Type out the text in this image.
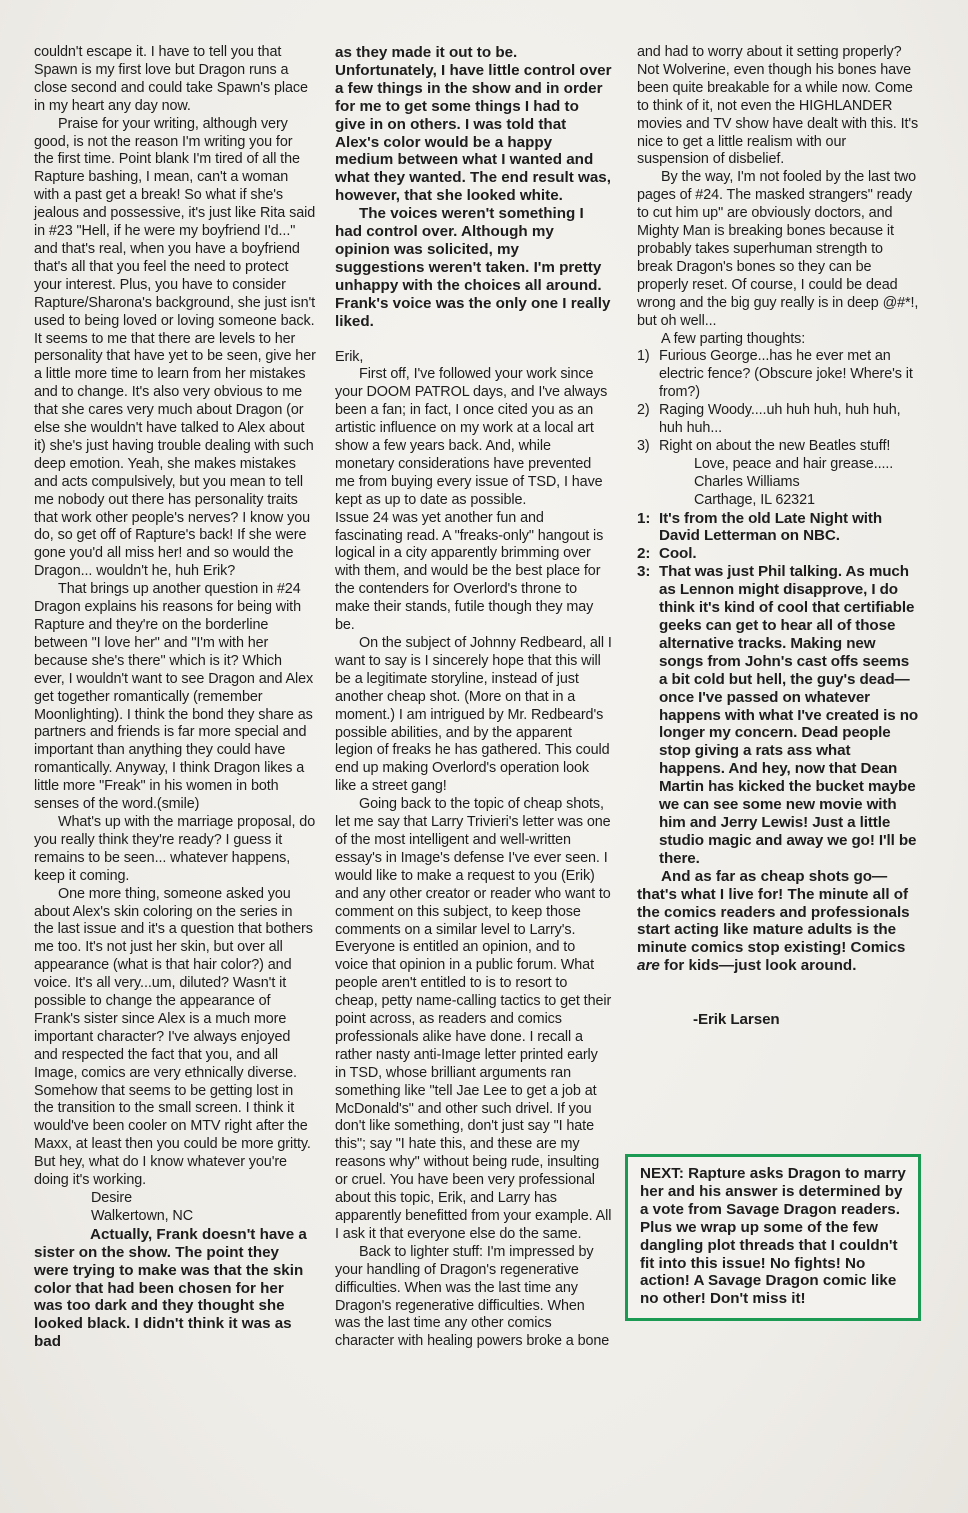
couldn't escape it. I have to tell you that Spawn is my first love but Dragon runs a close second and could take Spawn's place in my heart any day now.

Praise for your writing, although very good, is not the reason I'm writing you for the first time. Point blank I'm tired of all the Rapture bashing, I mean, can't a woman with a past get a break! So what if she's jealous and possessive, it's just like Rita said in #23 "Hell, if he were my boyfriend I'd..." and that's real, when you have a boyfriend that's all that you feel the need to protect your interest. Plus, you have to consider Rapture/Sharona's background, she just isn't used to being loved or loving someone back. It seems to me that there are levels to her personality that have yet to be seen, give her a little more time to learn from her mistakes and to change. It's also very obvious to me that she cares very much about Dragon (or else she wouldn't have talked to Alex about it) she's just having trouble dealing with such deep emotion. Yeah, she makes mistakes and acts compulsively, but you mean to tell me nobody out there has personality traits that work other people's nerves? I know you do, so get off of Rapture's back! If she were gone you'd all miss her! and so would the Dragon... wouldn't he, huh Erik?

That brings up another question in #24 Dragon explains his reasons for being with Rapture and they're on the borderline between "I love her" and "I'm with her because she's there" which is it? Which ever, I wouldn't want to see Dragon and Alex get together romantically (remember Moonlighting). I think the bond they share as partners and friends is far more special and important than anything they could have romantically. Anyway, I think Dragon likes a little more "Freak" in his women in both senses of the word.(smile)

What's up with the marriage proposal, do you really think they're ready? I guess it remains to be seen... whatever happens, keep it coming.

One more thing, someone asked you about Alex's skin coloring on the series in the last issue and it's a question that bothers me too. It's not just her skin, but over all appearance (what is that hair color?) and voice. It's all very...um, diluted? Wasn't it possible to change the appearance of Frank's sister since Alex is a much more important character? I've always enjoyed and respected the fact that you, and all Image, comics are very ethnically diverse. Somehow that seems to be getting lost in the transition to the small screen. I think it would've been cooler on MTV right after the Maxx, at least then you could be more gritty. But hey, what do I know whatever you're doing it's working.

Desire

Walkertown, NC

Actually, Frank doesn't have a sister on the show. The point they were trying to make was that the skin color that had been chosen for her was too dark and they thought she looked black. I didn't think it was as bad

as they made it out to be. Unfortunately, I have little control over a few things in the show and in order for me to get some things I had to give in on others. I was told that Alex's color would be a happy medium between what I wanted and what they wanted. The end result was, however, that she looked white.

The voices weren't something I had control over. Although my opinion was solicited, my suggestions weren't taken. I'm pretty unhappy with the choices all around. Frank's voice was the only one I really liked.

Erik,

First off, I've followed your work since your DOOM PATROL days, and I've always been a fan; in fact, I once cited you as an artistic influence on my work at a local art show a few years back. And, while monetary considerations have prevented me from buying every issue of TSD, I have kept as up to date as possible.

Issue 24 was yet another fun and fascinating read. A "freaks-only" hangout is logical in a city apparently brimming over with them, and would be the best place for the contenders for Overlord's throne to make their stands, futile though they may be.

On the subject of Johnny Redbeard, all I want to say is I sincerely hope that this will be a legitimate storyline, instead of just another cheap shot. (More on that in a moment.) I am intrigued by Mr. Redbeard's possible abilities, and by the apparent legion of freaks he has gathered. This could end up making Overlord's operation look like a street gang!

Going back to the topic of cheap shots, let me say that Larry Trivieri's letter was one of the most intelligent and well-written essay's in Image's defense I've ever seen. I would like to make a request to you (Erik) and any other creator or reader who want to comment on this subject, to keep those comments on a similar level to Larry's. Everyone is entitled an opinion, and to voice that opinion in a public forum. What people aren't entitled to is to resort to cheap, petty name-calling tactics to get their point across, as readers and comics professionals alike have done. I recall a rather nasty anti-Image letter printed early in TSD, whose brilliant arguments ran something like "tell Jae Lee to get a job at McDonald's" and other such drivel. If you don't like something, don't just say "I hate this"; say "I hate this, and these are my reasons why" without being rude, insulting or cruel. You have been very professional about this topic, Erik, and Larry has apparently benefitted from your example. All I ask it that everyone else do the same.

Back to lighter stuff: I'm impressed by your handling of Dragon's regenerative difficulties. When was the last time any Dragon's regenerative difficulties. When was the last time any other comics character with healing powers broke a bone

and had to worry about it setting properly? Not Wolverine, even though his bones have been quite breakable for a while now. Come to think of it, not even the HIGHLANDER movies and TV show have dealt with this. It's nice to get a little realism with our suspension of disbelief.

By the way, I'm not fooled by the last two pages of #24. The masked strangers" ready to cut him up" are obviously doctors, and Mighty Man is breaking bones because it probably takes superhuman strength to break Dragon's bones so they can be properly reset. Of course, I could be dead wrong and the big guy really is in deep @#*!, but oh well...

A few parting thoughts:

1) Furious George...has he ever met an electric fence? (Obscure joke! Where's it from?)
2) Raging Woody....uh huh huh, huh huh, huh huh...
3) Right on about the new Beatles stuff!

Love, peace and hair grease.....

Charles Williams

Carthage, IL 62321

1: It's from the old Late Night with David Letterman on NBC.
2: Cool.
3: That was just Phil talking. As much as Lennon might disapprove, I do think it's kind of cool that certifiable geeks can get to hear all of those alternative tracks. Making new songs from John's cast offs seems a bit cold but hell, the guy's dead— once I've passed on whatever happens with what I've created is no longer my concern. Dead people stop giving a rats ass what happens. And hey, now that Dean Martin has kicked the bucket maybe we can see some new movie with him and Jerry Lewis! Just a little studio magic and away we go! I'll be there.

And as far as cheap shots go—that's what I live for! The minute all of the comics readers and professionals start acting like mature adults is the minute comics stop existing! Comics are for kids—just look around.

-Erik Larsen

NEXT: Rapture asks Dragon to marry her and his answer is determined by a vote from Savage Dragon readers. Plus we wrap up some of the few dangling plot threads that I couldn't fit into this issue! No fights! No action! A Savage Dragon comic like no other! Don't miss it!
